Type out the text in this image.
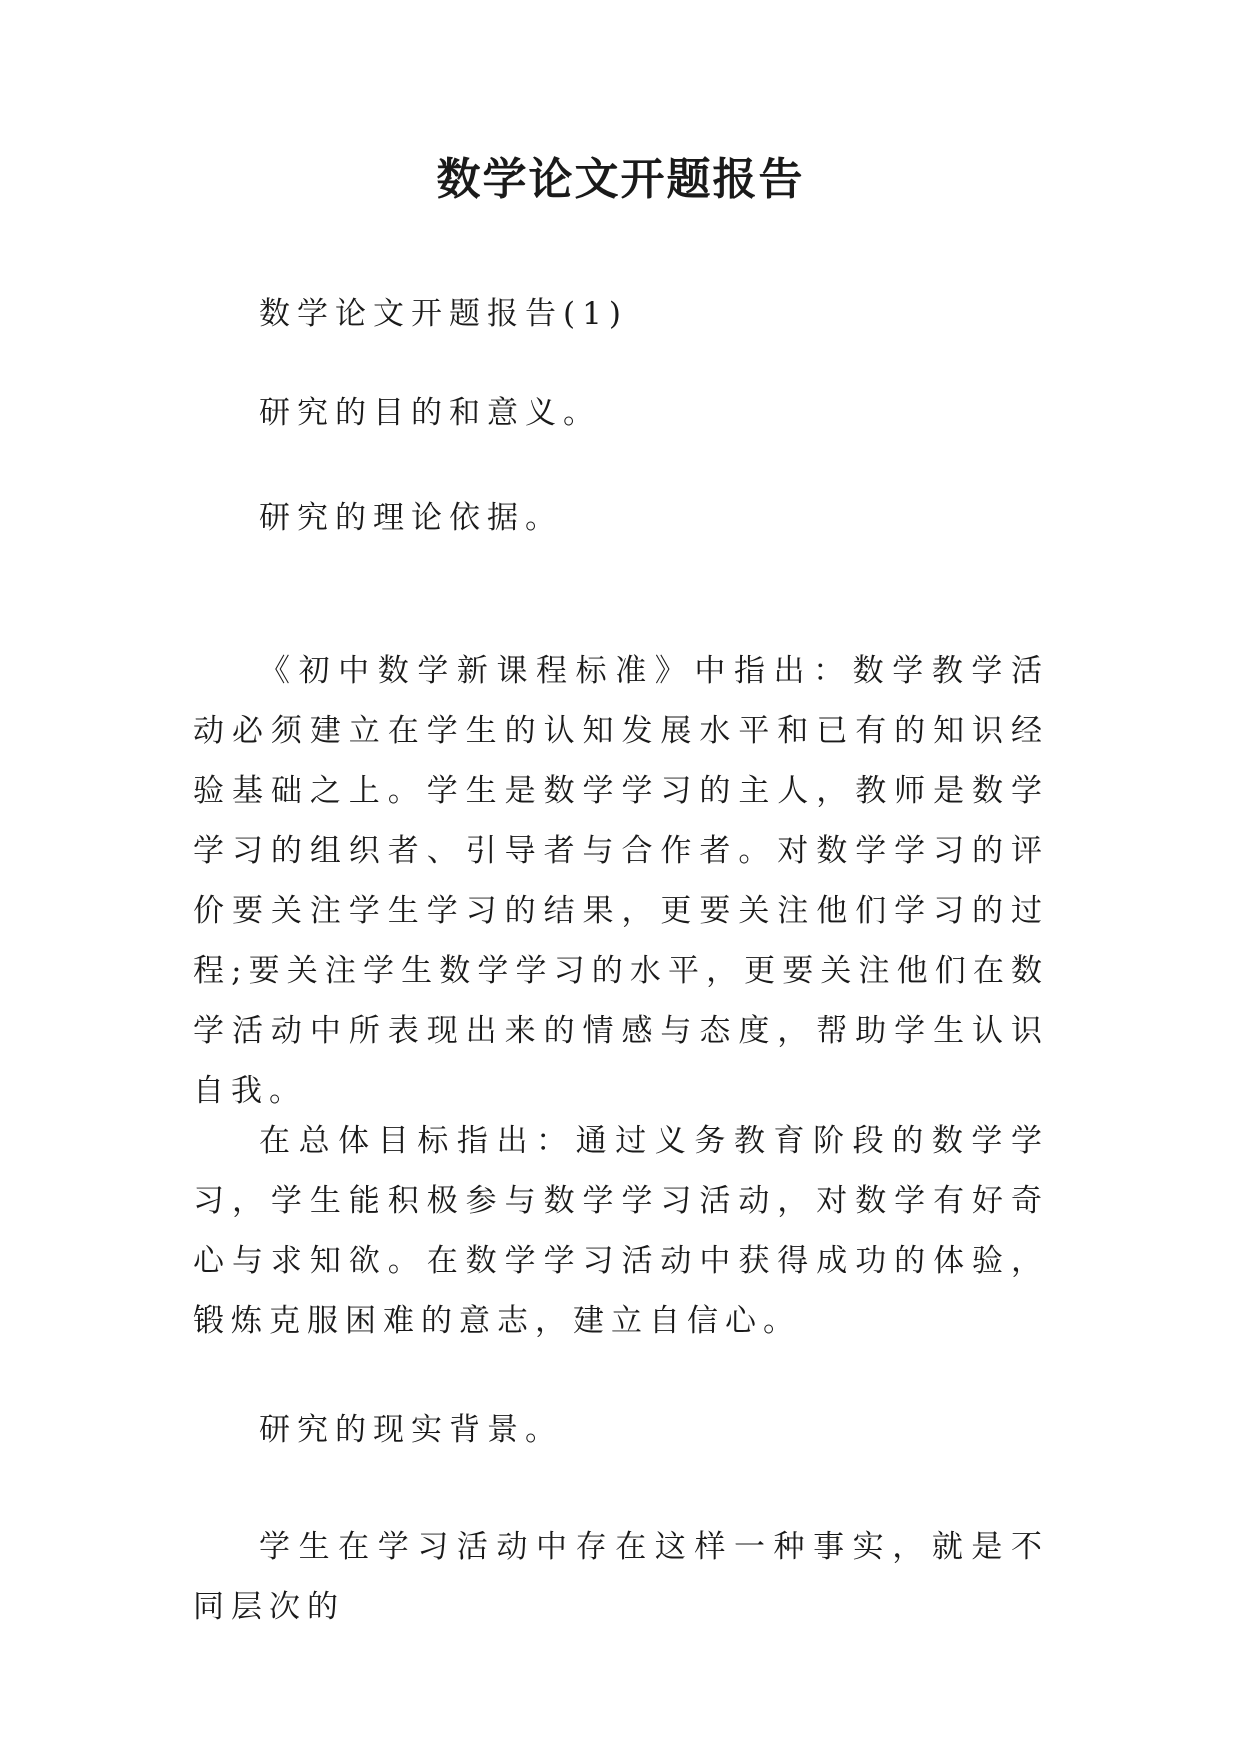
数学论文开题报告

数学论文开题报告(1)

研究的目的和意义。

研究的理论依据。

《初中数学新课程标准》中指出：数学教学活动必须建立在学生的认知发展水平和已有的知识经验基础之上。学生是数学学习的主人，教师是数学学习的组织者、引导者与合作者。对数学学习的评价要关注学生学习的结果，更要关注他们学习的过程;要关注学生数学学习的水平，更要关注他们在数学活动中所表现出来的情感与态度，帮助学生认识自我。

在总体目标指出：通过义务教育阶段的数学学习，学生能积极参与数学学习活动，对数学有好奇心与求知欲。在数学学习活动中获得成功的体验，锻炼克服困难的意志，建立自信心。

研究的现实背景。

学生在学习活动中存在这样一种事实，就是不同层次的
